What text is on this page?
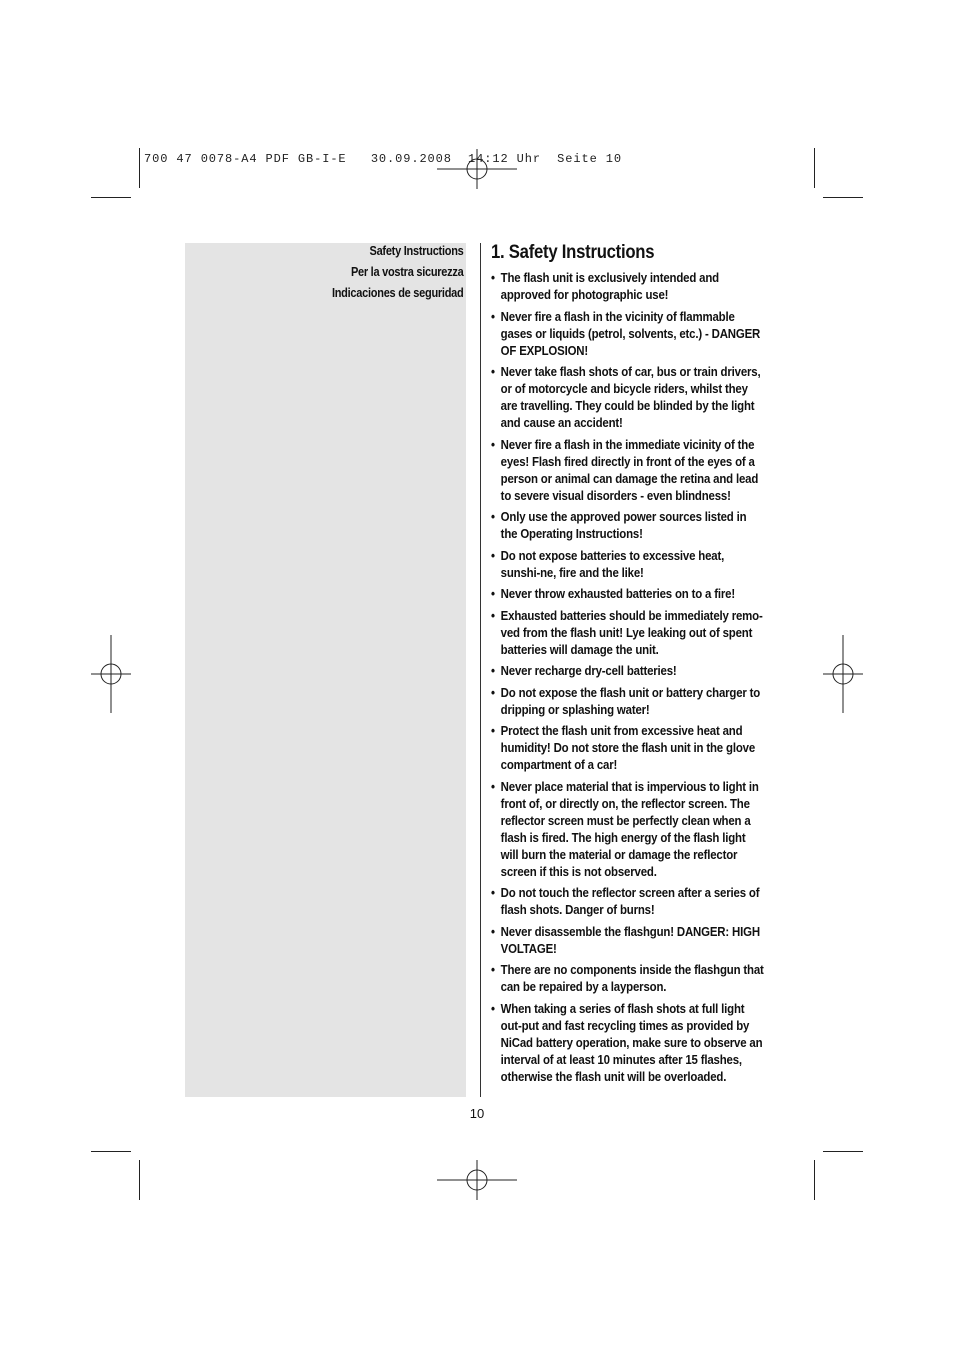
700 47 0078-A4 PDF GB-I-E   30.09.2008  14:12 Uhr  Seite 10
Safety Instructions
Per la vostra sicurezza
Indicaciones de seguridad
1. Safety Instructions
• The flash unit is exclusively intended and approved for photographic use!
• Never fire a flash in the vicinity of flammable gases or liquids (petrol, solvents, etc.) - DANGER OF EXPLOSION!
• Never take flash shots of car, bus or train drivers, or of motorcycle and bicycle riders, whilst they are travelling. They could be blinded by the light and cause an accident!
• Never fire a flash in the immediate vicinity of the eyes! Flash fired directly in front of the eyes of a person or animal can damage the retina and lead to severe visual disorders - even blindness!
• Only use the approved power sources listed in the Operating Instructions!
• Do not expose batteries to excessive heat, sunshi-ne, fire and the like!
• Never throw exhausted batteries on to a fire!
• Exhausted batteries should be immediately remo-ved from the flash unit! Lye leaking out of spent batteries will damage the unit.
• Never recharge dry-cell batteries!
• Do not expose the flash unit or battery charger to dripping or splashing water!
• Protect the flash unit from excessive heat and humidity! Do not store the flash unit in the glove compartment of a car!
• Never place material that is impervious to light in front of, or directly on, the reflector screen. The reflector screen must be perfectly clean when a flash is fired. The high energy of the flash light will burn the material or damage the reflector screen if this is not observed.
• Do not touch the reflector screen after a series of flash shots. Danger of burns!
• Never disassemble the flashgun! DANGER: HIGH VOLTAGE!
• There are no components inside the flashgun that can be repaired by a layperson.
• When taking a series of flash shots at full light out-put and fast recycling times as provided by NiCad battery operation, make sure to observe an interval of at least 10 minutes after 15 flashes, otherwise the flash unit will be overloaded.
10
